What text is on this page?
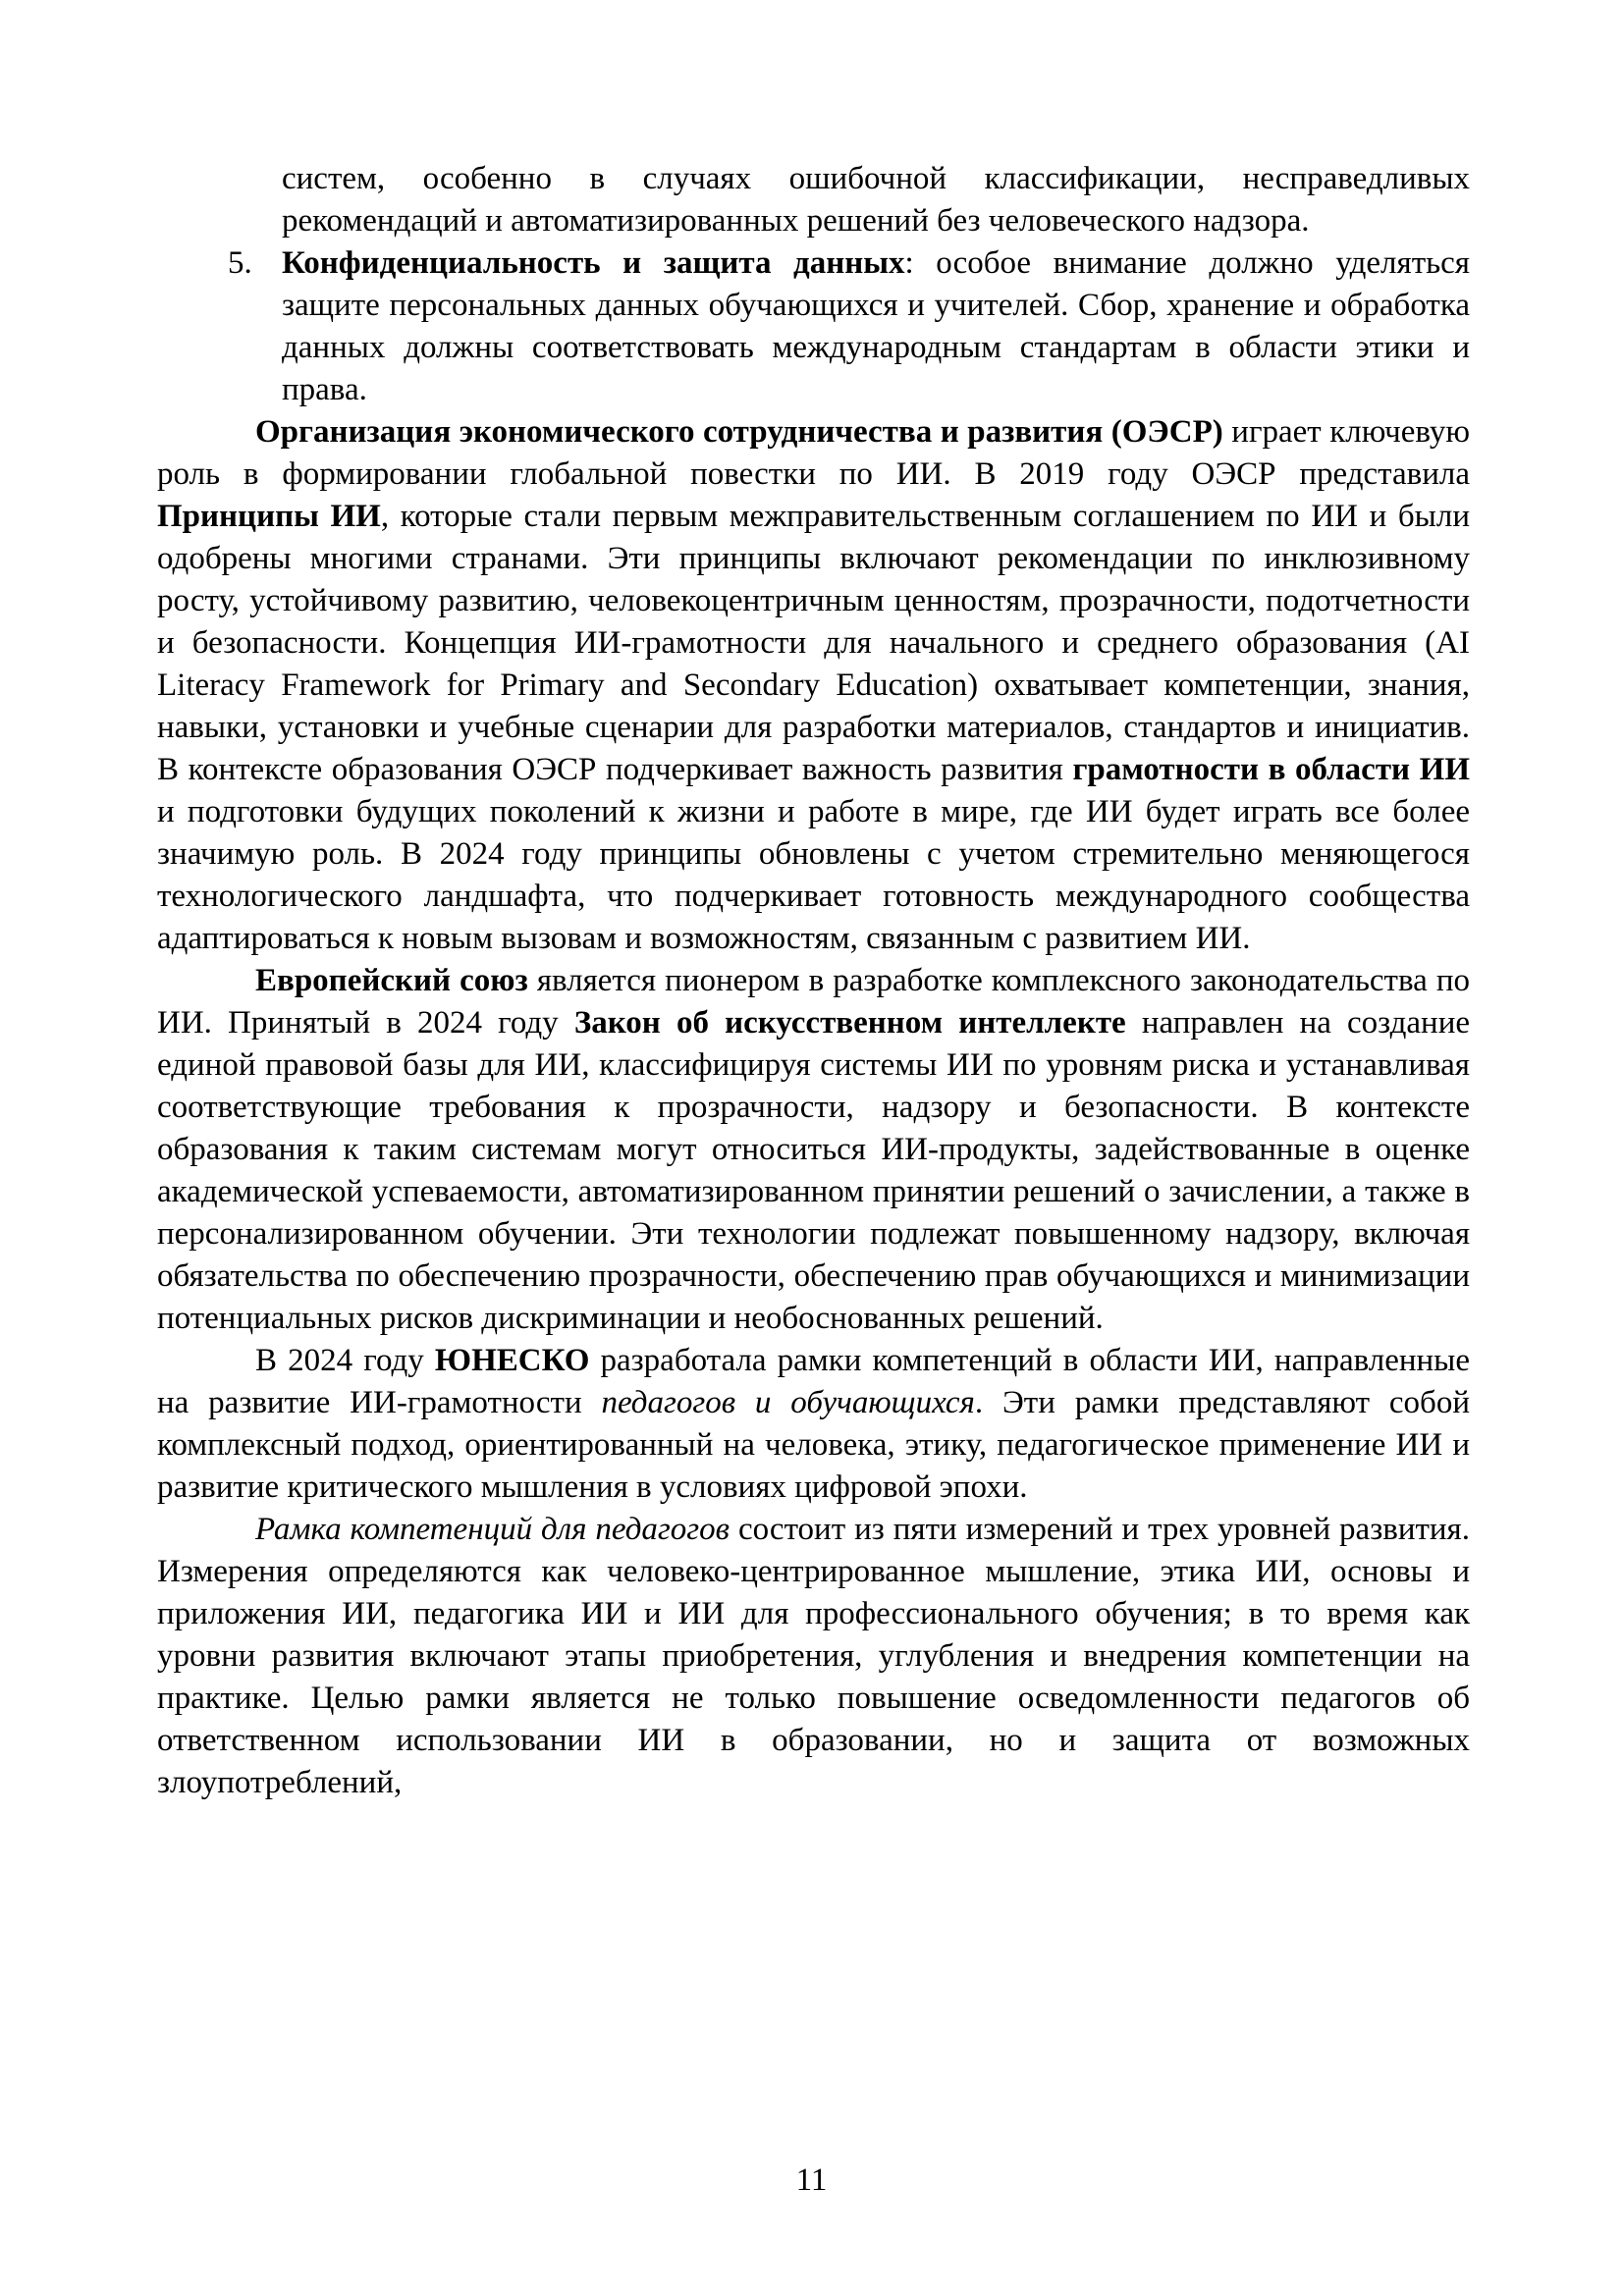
систем, особенно в случаях ошибочной классификации, несправедливых рекомендаций и автоматизированных решений без человеческого надзора.
5. Конфиденциальность и защита данных: особое внимание должно уделяться защите персональных данных обучающихся и учителей. Сбор, хранение и обработка данных должны соответствовать международным стандартам в области этики и права.
Организация экономического сотрудничества и развития (ОЭСР) играет ключевую роль в формировании глобальной повестки по ИИ. В 2019 году ОЭСР представила Принципы ИИ, которые стали первым межправительственным соглашением по ИИ и были одобрены многими странами. Эти принципы включают рекомендации по инклюзивному росту, устойчивому развитию, человекоцентричным ценностям, прозрачности, подотчетности и безопасности. Концепция ИИ-грамотности для начального и среднего образования (AI Literacy Framework for Primary and Secondary Education) охватывает компетенции, знания, навыки, установки и учебные сценарии для разработки материалов, стандартов и инициатив. В контексте образования ОЭСР подчеркивает важность развития грамотности в области ИИ и подготовки будущих поколений к жизни и работе в мире, где ИИ будет играть все более значимую роль. В 2024 году принципы обновлены с учетом стремительно меняющегося технологического ландшафта, что подчеркивает готовность международного сообщества адаптироваться к новым вызовам и возможностям, связанным с развитием ИИ.
Европейский союз является пионером в разработке комплексного законодательства по ИИ. Принятый в 2024 году Закон об искусственном интеллекте направлен на создание единой правовой базы для ИИ, классифицируя системы ИИ по уровням риска и устанавливая соответствующие требования к прозрачности, надзору и безопасности. В контексте образования к таким системам могут относиться ИИ-продукты, задействованные в оценке академической успеваемости, автоматизированном принятии решений о зачислении, а также в персонализированном обучении. Эти технологии подлежат повышенному надзору, включая обязательства по обеспечению прозрачности, обеспечению прав обучающихся и минимизации потенциальных рисков дискриминации и необоснованных решений.
В 2024 году ЮНЕСКО разработала рамки компетенций в области ИИ, направленные на развитие ИИ-грамотности педагогов и обучающихся. Эти рамки представляют собой комплексный подход, ориентированный на человека, этику, педагогическое применение ИИ и развитие критического мышления в условиях цифровой эпохи.
Рамка компетенций для педагогов состоит из пяти измерений и трех уровней развития. Измерения определяются как человеко-центрированное мышление, этика ИИ, основы и приложения ИИ, педагогика ИИ и ИИ для профессионального обучения; в то время как уровни развития включают этапы приобретения, углубления и внедрения компетенции на практике. Целью рамки является не только повышение осведомленности педагогов об ответственном использовании ИИ в образовании, но и защита от возможных злоупотреблений,
11
